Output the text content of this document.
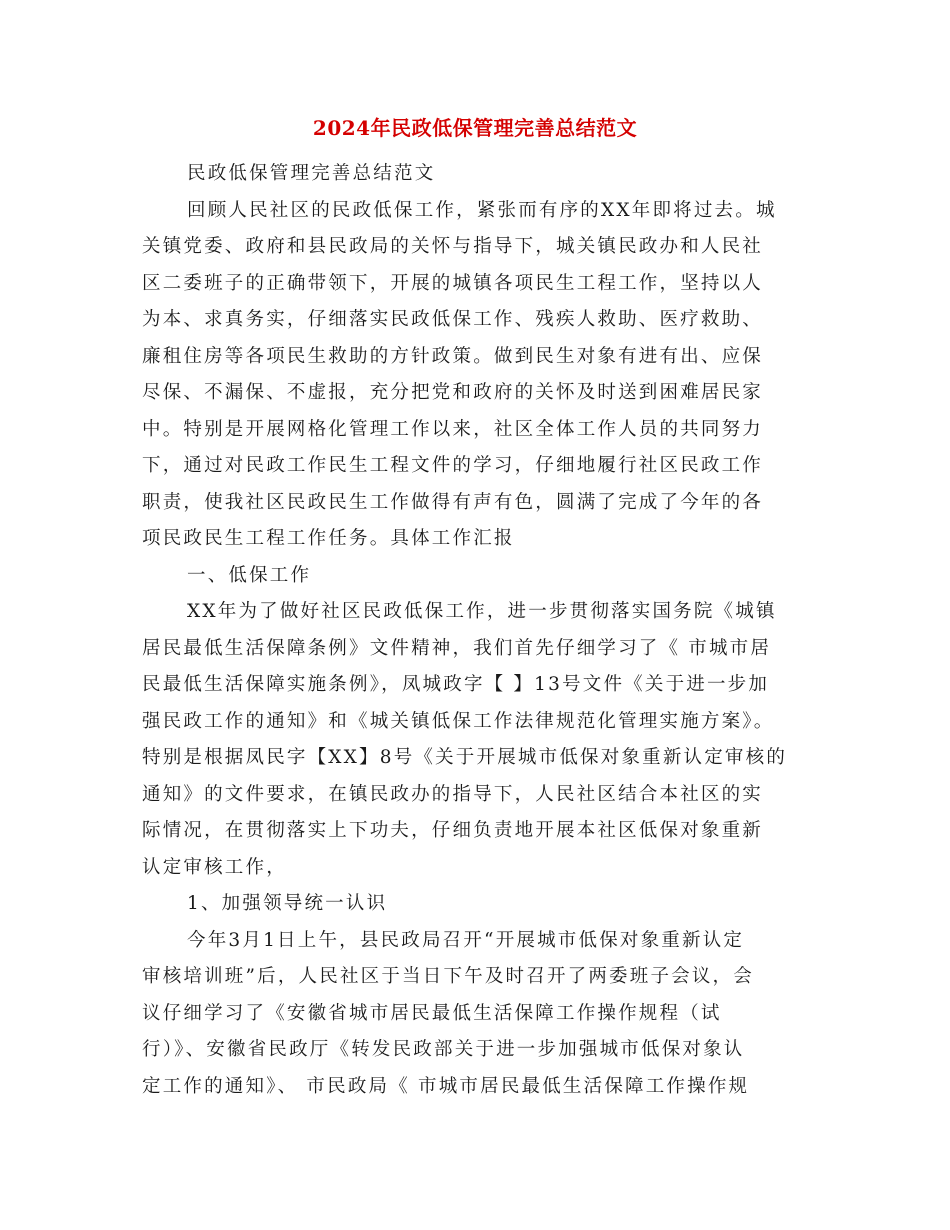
2024年民政低保管理完善总结范文
民政低保管理完善总结范文
回顾人民社区的民政低保工作，紧张而有序的XX年即将过去。城
关镇党委、政府和县民政局的关怀与指导下，城关镇民政办和人民社
区二委班子的正确带领下，开展的城镇各项民生工程工作，坚持以人
为本、求真务实，仔细落实民政低保工作、残疾人救助、医疗救助、
廉租住房等各项民生救助的方针政策。做到民生对象有进有出、应保
尽保、不漏保、不虚报，充分把党和政府的关怀及时送到困难居民家
中。特别是开展网格化管理工作以来，社区全体工作人员的共同努力
下，通过对民政工作民生工程文件的学习，仔细地履行社区民政工作
职责，使我社区民政民生工作做得有声有色，圆满了完成了今年的各
项民政民生工程工作任务。具体工作汇报
一、低保工作
XX年为了做好社区民政低保工作，进一步贯彻落实国务院《城镇
居民最低生活保障条例》文件精神，我们首先仔细学习了《 市城市居
民最低生活保障实施条例》，凤城政字【 】13号文件《关于进一步加
强民政工作的通知》和《城关镇低保工作法律规范化管理实施方案》。
特别是根据凤民字【XX】8号《关于开展城市低保对象重新认定审核的
通知》的文件要求，在镇民政办的指导下，人民社区结合本社区的实
际情况，在贯彻落实上下功夫，仔细负责地开展本社区低保对象重新
认定审核工作，
1、加强领导统一认识
今年3月1日上午，县民政局召开“开展城市低保对象重新认定
审核培训班”后，人民社区于当日下午及时召开了两委班子会议，会
议仔细学习了《安徽省城市居民最低生活保障工作操作规程（试
行）》、安徽省民政厅《转发民政部关于进一步加强城市低保对象认
定工作的通知》、 市民政局《 市城市居民最低生活保障工作操作规
